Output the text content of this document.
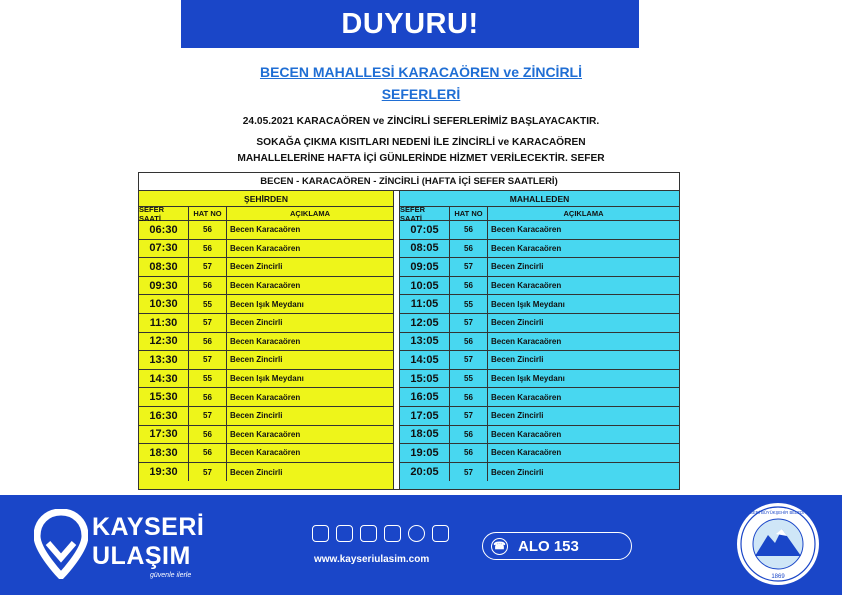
DUYURU!
BECEN MAHALLESİ KARACAÖREN ve ZİNCİRLİ
SEFERLERİ
24.05.2021 KARACAÖREN ve ZİNCİRLİ SEFERLERİMİZ BAŞLAYACAKTIR.
SOKAĞA ÇIKMA KISITLARI NEDENİ İLE ZİNCİRLİ ve KARACAÖREN
MAHALLELERİNE HAFTA İÇİ GÜNLERİNDE HİZMET VERİLECEKTİR. SEFER
BECEN - KARACAÖREN - ZİNCİRLİ (HAFTA İÇİ SEFER SAATLERİ)
ŞEHİRDEN
SEFER SAATİ	HAT NO	AÇIKLAMA
06:30	56	Becen Karacaören
07:30	56	Becen Karacaören
08:30	57	Becen Zincirli
09:30	56	Becen Karacaören
10:30	55	Becen Işık Meydanı
11:30	57	Becen Zincirli
12:30	56	Becen Karacaören
13:30	57	Becen Zincirli
14:30	55	Becen Işık Meydanı
15:30	56	Becen Karacaören
16:30	57	Becen Zincirli
17:30	56	Becen Karacaören
18:30	56	Becen Karacaören
19:30	57	Becen Zincirli
MAHALLEDEN
SEFER SAATİ	HAT NO	AÇIKLAMA
07:05	56	Becen Karacaören
08:05	56	Becen Karacaören
09:05	57	Becen Zincirli
10:05	56	Becen Karacaören
11:05	55	Becen Işık Meydanı
12:05	57	Becen Zincirli
13:05	56	Becen Karacaören
14:05	57	Becen Zincirli
15:05	55	Becen Işık Meydanı
16:05	56	Becen Karacaören
17:05	57	Becen Zincirli
18:05	56	Becen Karacaören
19:05	56	Becen Karacaören
20:05	57	Becen Zincirli
KAYSERİ
ULAŞIM
güvenle ilerle
www.kayseriulasim.com
☎ ALO 153
1869
KAYSERİ BÜYÜKŞEHİR BELEDİYESİ
